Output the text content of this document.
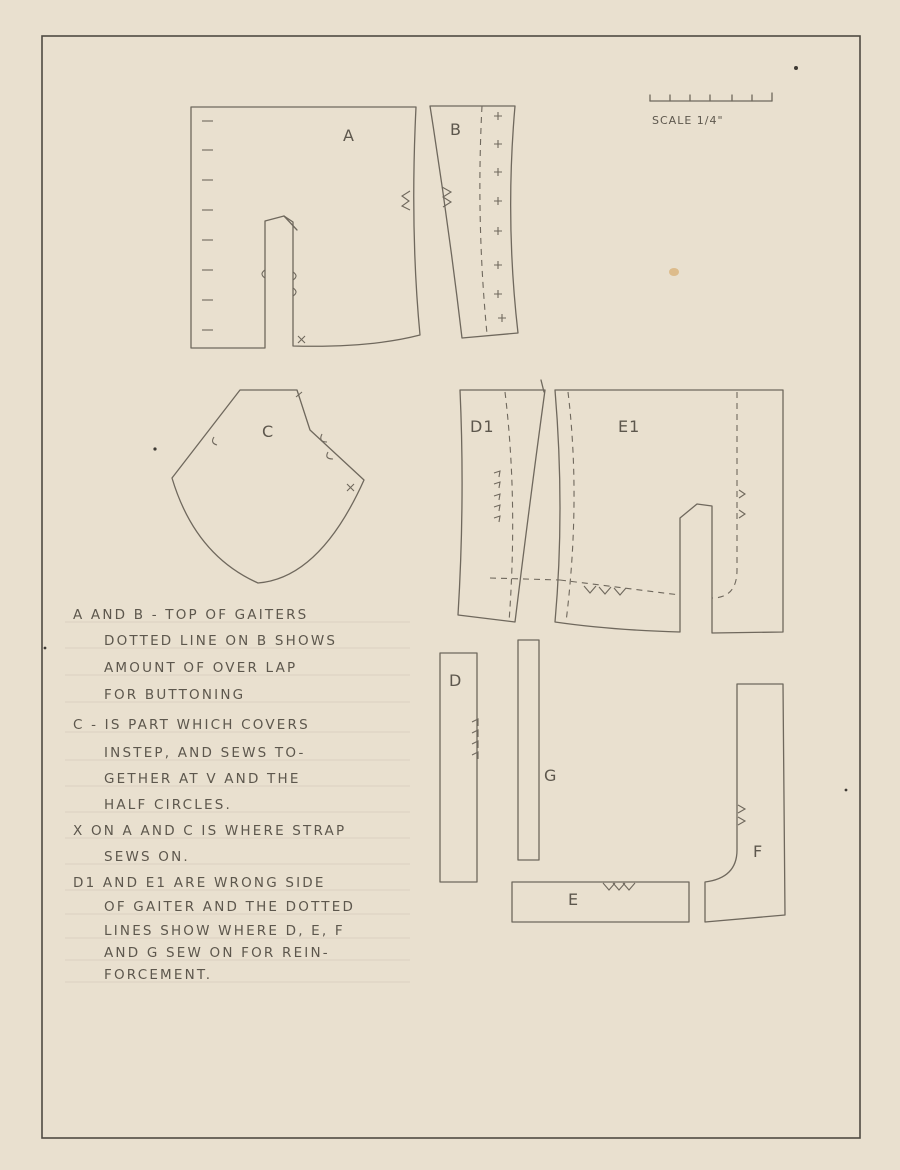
SCALE 1/4"
A	B
C	D1	E1
D
G
E
F
A AND B - TOP OF GAITERS
DOTTED LINE ON B SHOWS
AMOUNT OF OVER LAP
FOR BUTTONING
C - IS PART WHICH COVERS
INSTEP, AND SEWS TO-
GETHER AT V AND THE
HALF CIRCLES.
X ON A AND C IS WHERE STRAP
SEWS ON.
D1 AND E1 ARE WRONG SIDE
OF GAITER AND THE DOTTED
LINES SHOW WHERE D, E, F
AND G SEW ON FOR REIN-
FORCEMENT.
